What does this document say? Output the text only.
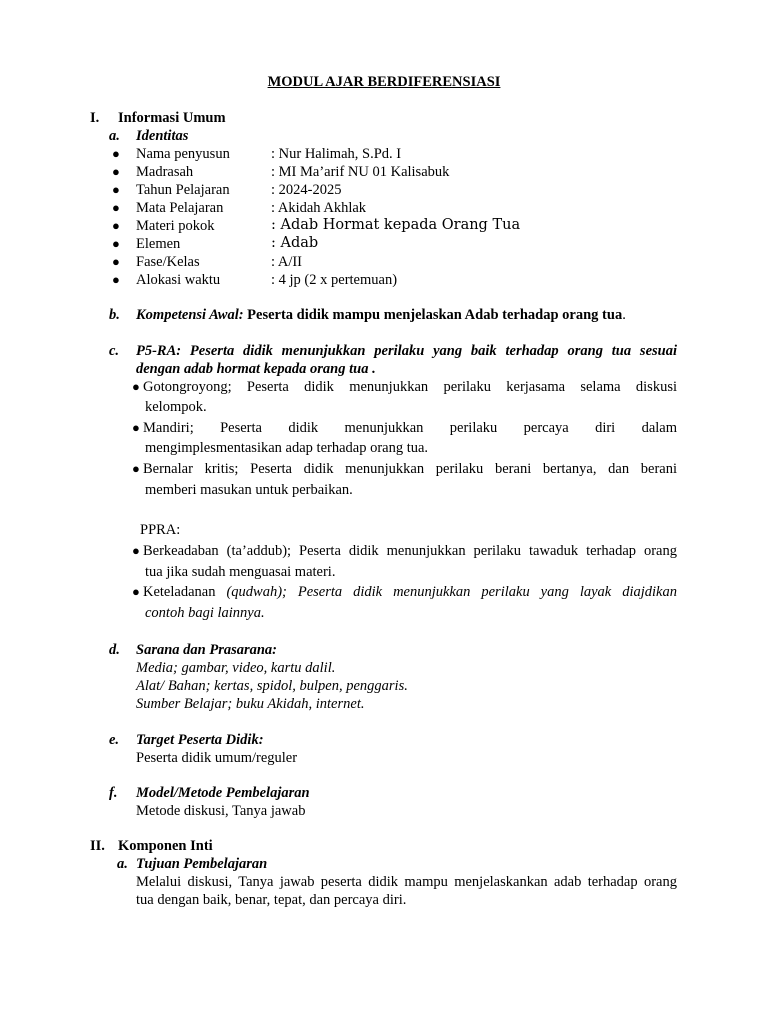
MODUL AJAR BERDIFERENSIASI
I. Informasi Umum
a. Identitas
● Nama penyusun	: Nur Halimah, S.Pd. I
● Madrasah	: MI Ma’arif NU 01 Kalisabuk
● Tahun Pelajaran	: 2024-2025
● Mata Pelajaran	: Akidah Akhlak
● Materi pokok	: Adab Hormat kepada Orang Tua
● Elemen	: Adab
● Fase/Kelas	: A/II
● Alokasi waktu	: 4 jp (2 x pertemuan)
b. Kompetensi Awal: Peserta didik mampu menjelaskan Adab terhadap orang tua.
c. P5-RA: Peserta didik menunjukkan perilaku yang baik terhadap orang tua sesuai
dengan adab hormat kepada orang tua .
● Gotongroyong; Peserta didik menunjukkan perilaku kerjasama selama diskusi
kelompok.
● Mandiri; Peserta didik menunjukkan perilaku percaya diri dalam
mengimplesmentasikan adap terhadap orang tua.
● Bernalar kritis; Peserta didik menunjukkan perilaku berani bertanya, dan berani
memberi masukan untuk perbaikan.
PPRA:
● Berkeadaban (ta’addub); Peserta didik menunjukkan perilaku tawaduk terhadap orang
tua jika sudah menguasai materi.
● Keteladanan (qudwah); Peserta didik menunjukkan perilaku yang layak diajdikan
contoh bagi lainnya.
d. Sarana dan Prasarana:
Media; gambar, video, kartu dalil.
Alat/ Bahan; kertas, spidol, bulpen, penggaris.
Sumber Belajar; buku Akidah, internet.
e. Target Peserta Didik:
Peserta didik umum/reguler
f. Model/Metode Pembelajaran
Metode diskusi, Tanya jawab
II. Komponen Inti
a. Tujuan Pembelajaran
Melalui diskusi, Tanya jawab peserta didik mampu menjelaskankan adab terhadap orang
tua dengan baik, benar, tepat, dan percaya diri.
